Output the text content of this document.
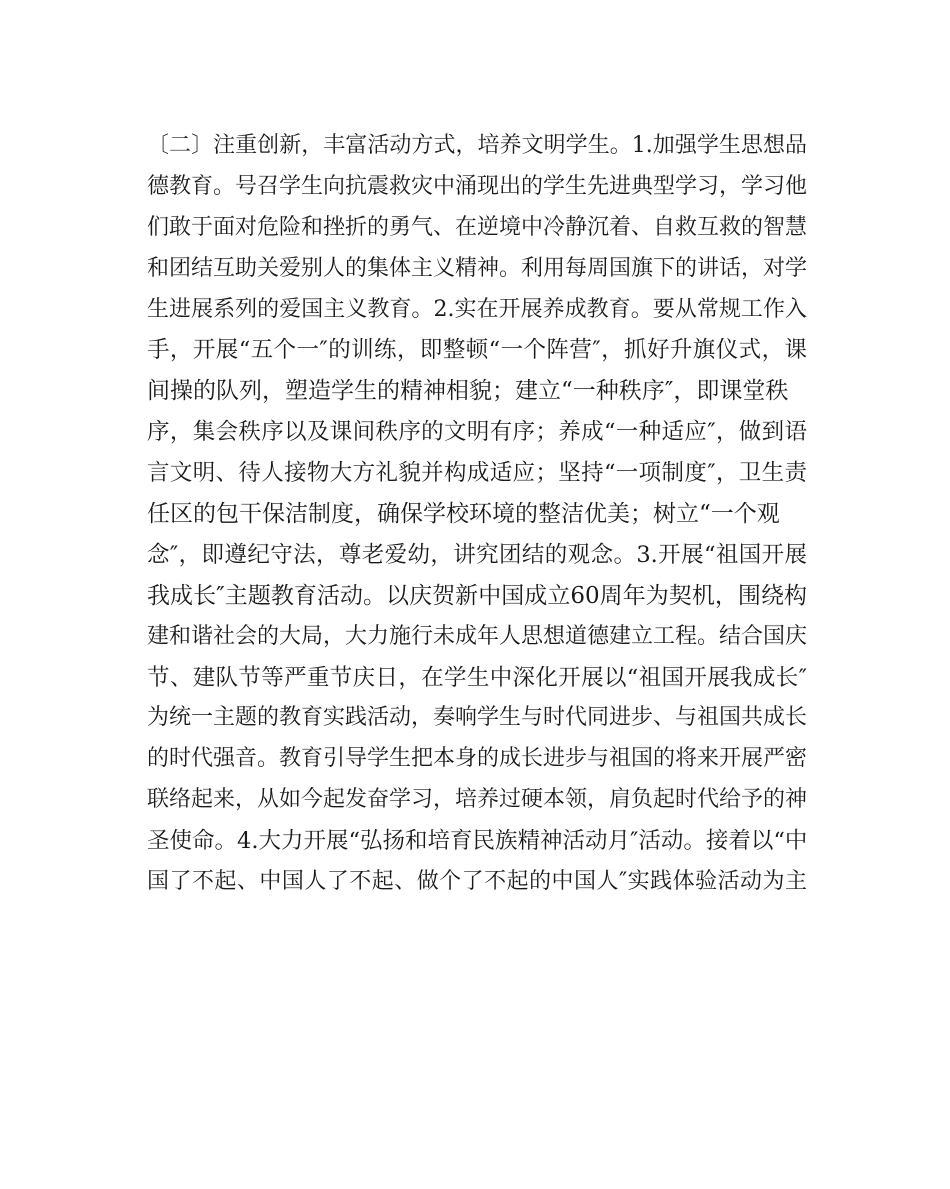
〔二〕注重创新，丰富活动方式，培养文明学生。1.加强学生思想品
德教育。号召学生向抗震救灾中涌现出的学生先进典型学习，学习他
们敢于面对危险和挫折的勇气、在逆境中冷静沉着、自救互救的智慧
和团结互助关爱别人的集体主义精神。利用每周国旗下的讲话，对学
生进展系列的爱国主义教育。2.实在开展养成教育。要从常规工作入
手，开展“五个一″的训练，即整顿“一个阵营″，抓好升旗仪式，课
间操的队列，塑造学生的精神相貌；建立“一种秩序″，即课堂秩
序，集会秩序以及课间秩序的文明有序；养成“一种适应″，做到语
言文明、待人接物大方礼貌并构成适应；坚持“一项制度″，卫生责
任区的包干保洁制度，确保学校环境的整洁优美；树立“一个观
念″，即遵纪守法，尊老爱幼，讲究团结的观念。3.开展“祖国开展
我成长″主题教育活动。以庆贺新中国成立60周年为契机，围绕构
建和谐社会的大局，大力施行未成年人思想道德建立工程。结合国庆
节、建队节等严重节庆日，在学生中深化开展以“祖国开展我成长″
为统一主题的教育实践活动，奏响学生与时代同进步、与祖国共成长
的时代强音。教育引导学生把本身的成长进步与祖国的将来开展严密
联络起来，从如今起发奋学习，培养过硬本领，肩负起时代给予的神
圣使命。4.大力开展“弘扬和培育民族精神活动月″活动。接着以“中
国了不起、中国人了不起、做个了不起的中国人″实践体验活动为主
